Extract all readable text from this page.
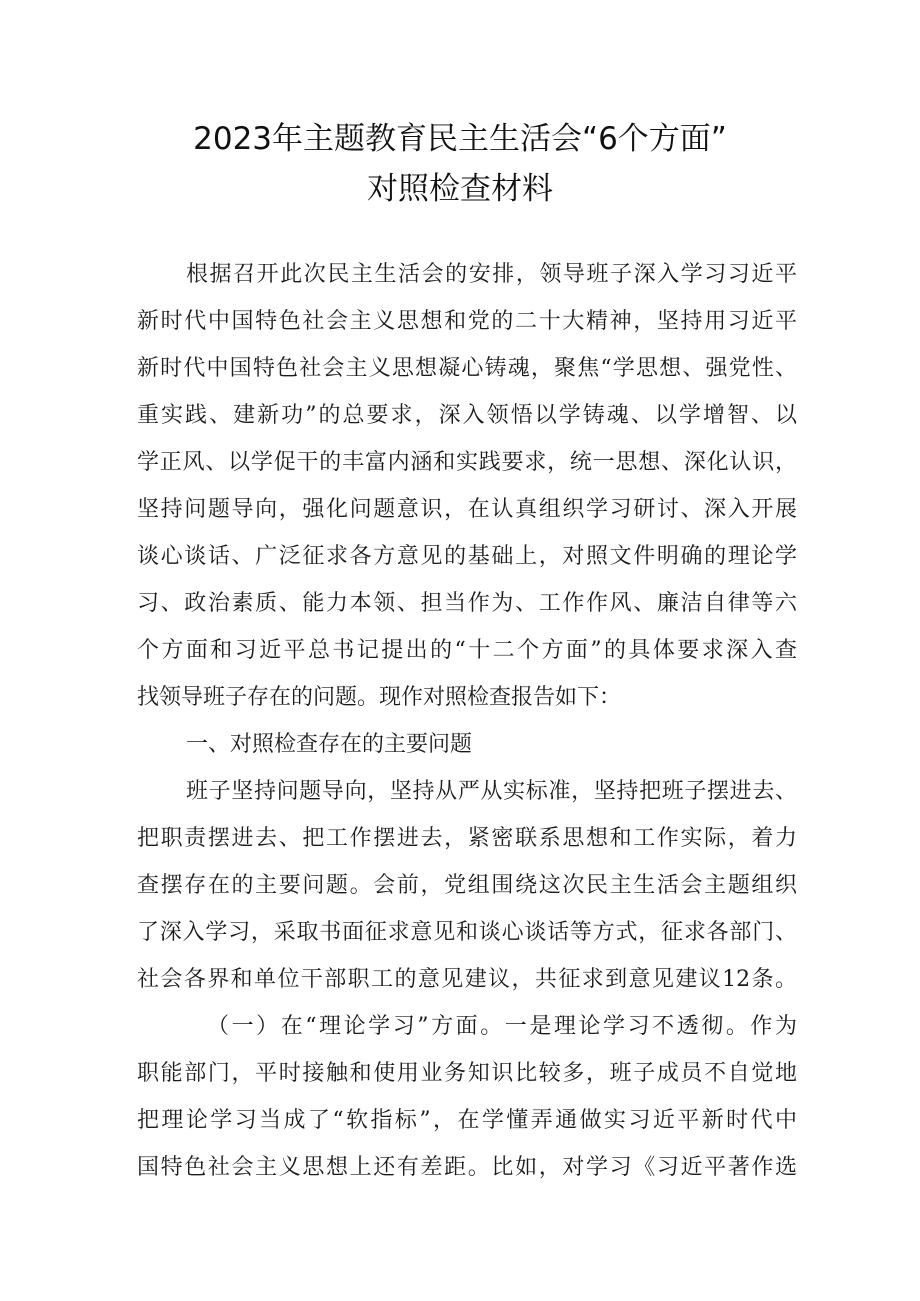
2023年主题教育民主生活会“6个方面”
对照检查材料
根据召开此次民主生活会的安排，领导班子深入学习习近平
新时代中国特色社会主义思想和党的二十大精神，坚持用习近平
新时代中国特色社会主义思想凝心铸魂，聚焦“学思想、强党性、
重实践、建新功”的总要求，深入领悟以学铸魂、以学增智、以
学正风、以学促干的丰富内涵和实践要求，统一思想、深化认识，
坚持问题导向，强化问题意识，在认真组织学习研讨、深入开展
谈心谈话、广泛征求各方意见的基础上，对照文件明确的理论学
习、政治素质、能力本领、担当作为、工作作风、廉洁自律等六
个方面和习近平总书记提出的“十二个方面”的具体要求深入查
找领导班子存在的问题。现作对照检查报告如下：
一、对照检查存在的主要问题
班子坚持问题导向，坚持从严从实标准，坚持把班子摆进去、
把职责摆进去、把工作摆进去，紧密联系思想和工作实际，着力
查摆存在的主要问题。会前，党组围绕这次民主生活会主题组织
了深入学习，采取书面征求意见和谈心谈话等方式，征求各部门、
社会各界和单位干部职工的意见建议，共征求到意见建议12条。
（一）在“理论学习”方面。一是理论学习不透彻。作为
职能部门，平时接触和使用业务知识比较多，班子成员不自觉地
把理论学习当成了“软指标”，在学懂弄通做实习近平新时代中
国特色社会主义思想上还有差距。比如，对学习《习近平著作选
